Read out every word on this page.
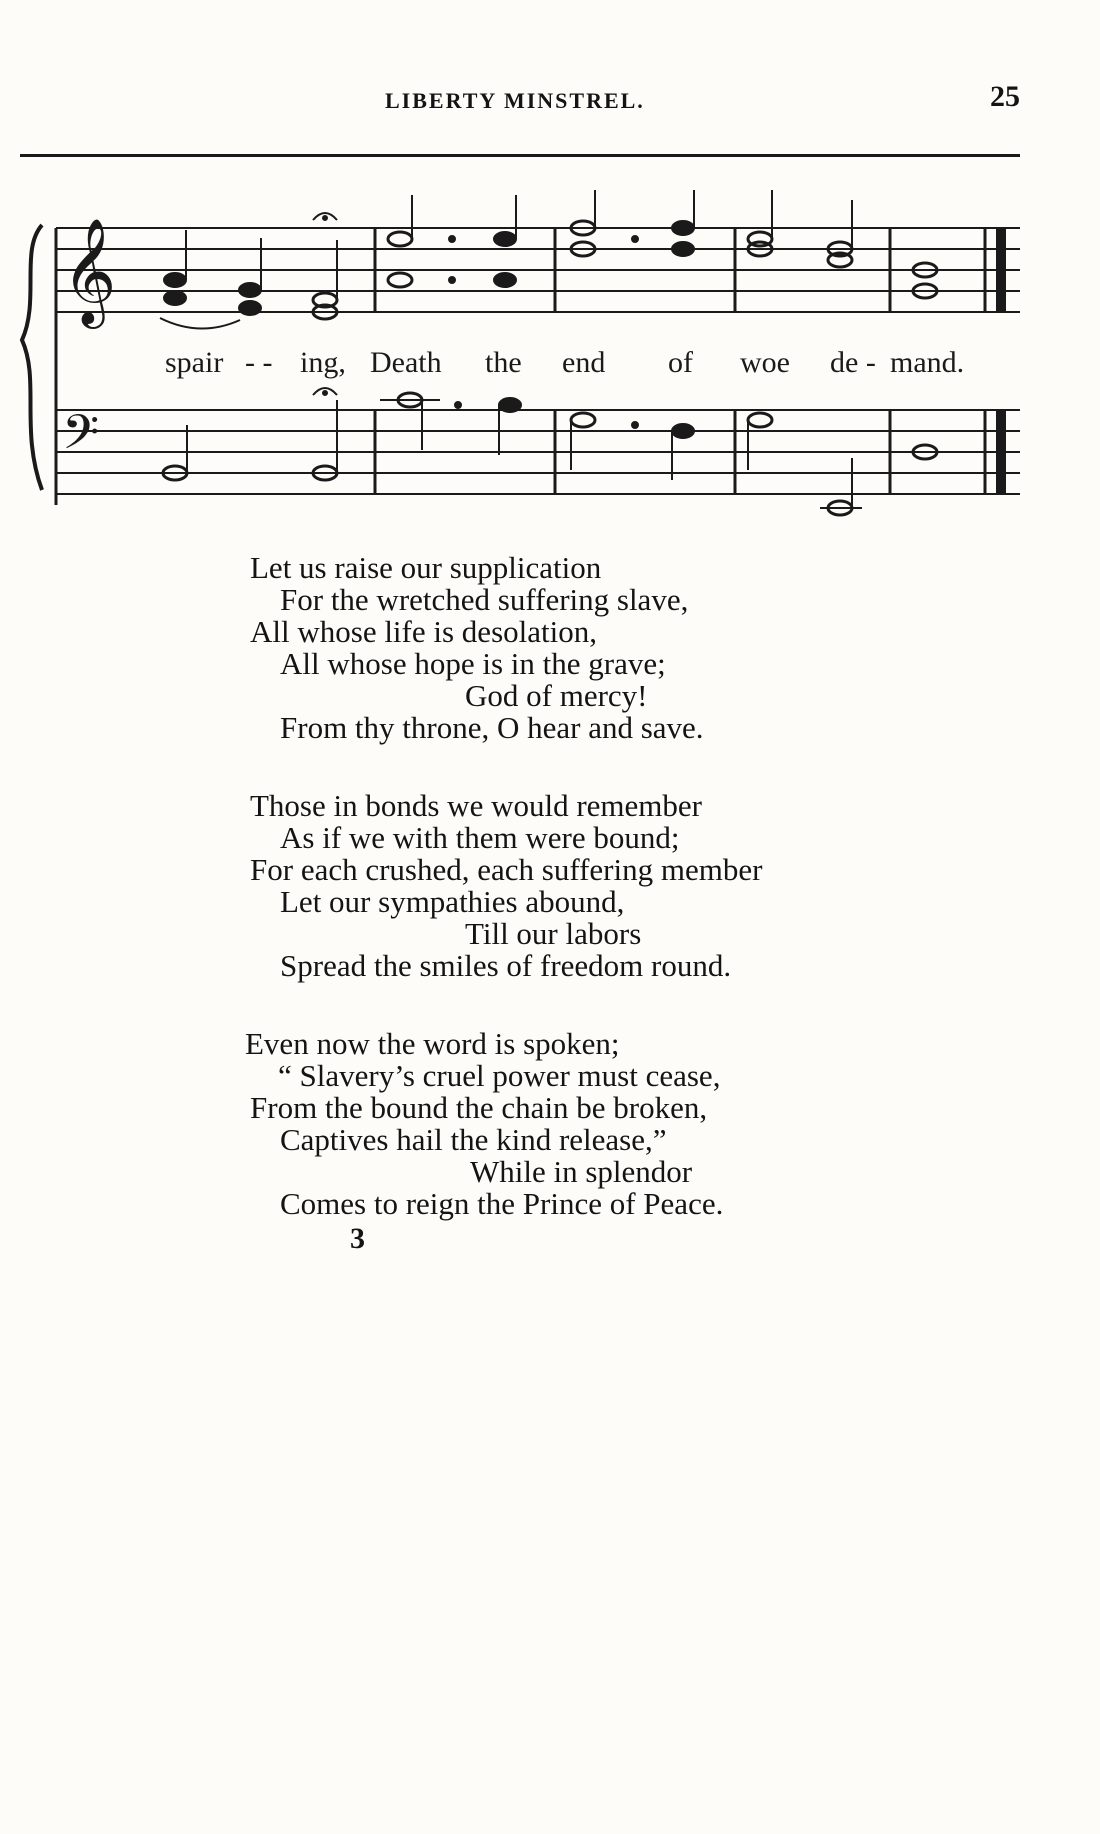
LIBERTY MINSTREL.	25
𝄞
𝄢
spair - - ing, Death the end of woe de - mand.
Let us raise our supplication
For the wretched suffering slave,
All whose life is desolation,
All whose hope is in the grave;
God of mercy!
From thy throne, O hear and save.
Those in bonds we would remember
As if we with them were bound;
For each crushed, each suffering member
Let our sympathies abound,
Till our labors
Spread the smiles of freedom round.
Even now the word is spoken;
“ Slavery’s cruel power must cease,
From the bound the chain be broken,
Captives hail the kind release,”
While in splendor
Comes to reign the Prince of Peace.
3
